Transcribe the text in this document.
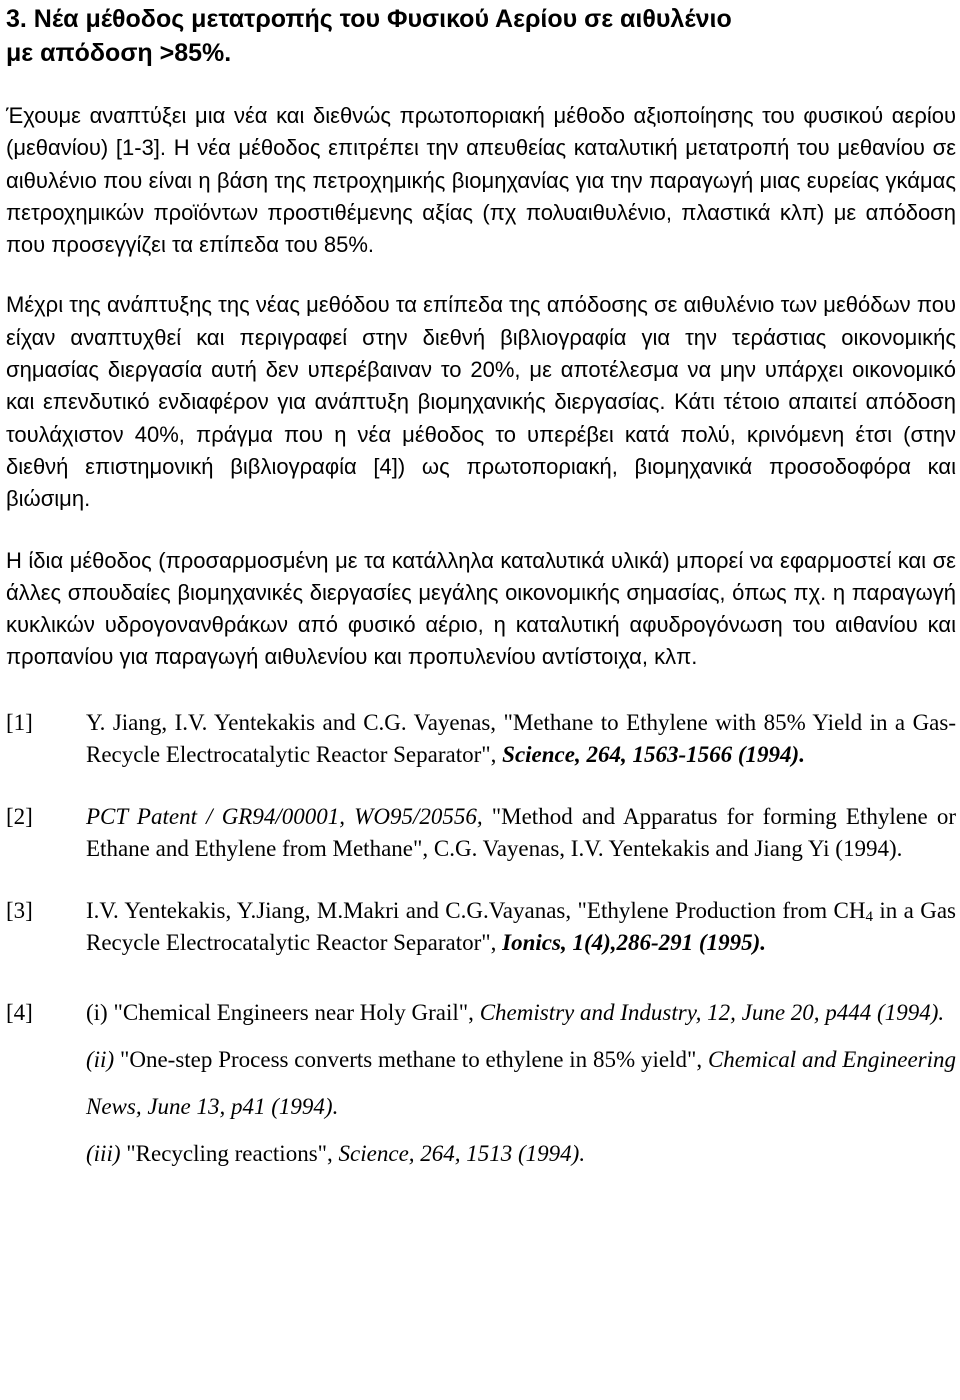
3. Νέα μέθοδος μετατροπής του Φυσικού Αερίου σε αιθυλένιο
με απόδοση >85%.

Έχουμε αναπτύξει μια νέα και διεθνώς πρωτοποριακή μέθοδο αξιοποίησης του φυσικού αερίου (μεθανίου) [1-3]. Η νέα μέθοδος επιτρέπει την απευθείας καταλυτική μετατροπή του μεθανίου σε αιθυλένιο που είναι η βάση της πετροχημικής βιομηχανίας για την παραγωγή μιας ευρείας γκάμας πετροχημικών προϊόντων προστιθέμενης αξίας (πχ πολυαιθυλένιο, πλαστικά κλπ) με απόδοση που προσεγγίζει τα επίπεδα του 85%.

Μέχρι της ανάπτυξης της νέας μεθόδου τα επίπεδα της απόδοσης σε αιθυλένιο των μεθόδων που είχαν αναπτυχθεί και περιγραφεί στην διεθνή βιβλιογραφία για την τεράστιας οικονομικής σημασίας διεργασία αυτή δεν υπερέβαιναν το 20%, με αποτέλεσμα να μην υπάρχει οικονομικό και επενδυτικό ενδιαφέρον για ανάπτυξη βιομηχανικής διεργασίας. Κάτι τέτοιο απαιτεί απόδοση τουλάχιστον 40%, πράγμα που η νέα μέθοδος το υπερέβει κατά πολύ, κρινόμενη έτσι (στην διεθνή επιστημονική βιβλιογραφία [4]) ως πρωτοποριακή, βιομηχανικά προσοδοφόρα και βιώσιμη.

Η ίδια μέθοδος (προσαρμοσμένη με τα κατάλληλα καταλυτικά υλικά) μπορεί να εφαρμοστεί και σε άλλες σπουδαίες βιομηχανικές διεργασίες μεγάλης οικονομικής σημασίας, όπως πχ. η παραγωγή κυκλικών υδρογονανθράκων από φυσικό αέριο, η καταλυτική αφυδρογόνωση του αιθανίου και προπανίου για παραγωγή αιθυλενίου και προπυλενίου αντίστοιχα, κλπ.

[1]	Y. Jiang, I.V. Yentekakis and C.G. Vayenas, "Methane to Ethylene with 85% Yield in a Gas-Recycle Electrocatalytic Reactor Separator", Science, 264, 1563-1566 (1994).
[2]	PCT Patent / GR94/00001, WO95/20556, "Method and Apparatus for forming Ethylene or Ethane and Ethylene from Methane", C.G. Vayenas, I.V. Yentekakis and Jiang Yi (1994).
[3]	I.V. Yentekakis, Y.Jiang, M.Makri and C.G.Vayanas, "Ethylene Production from $CH_4$ in a Gas Recycle Electrocatalytic Reactor Separator", Ionics, 1(4),286-291 (1995).
[4]	(i) "Chemical Engineers near Holy Grail", Chemistry and Industry, 12, June 20, p444 (1994).

(ii) "One-step Process converts methane to ethylene in 85% yield", Chemical and Engineering News, June 13, p41 (1994).

(iii) "Recycling reactions", Science, 264, 1513 (1994).
